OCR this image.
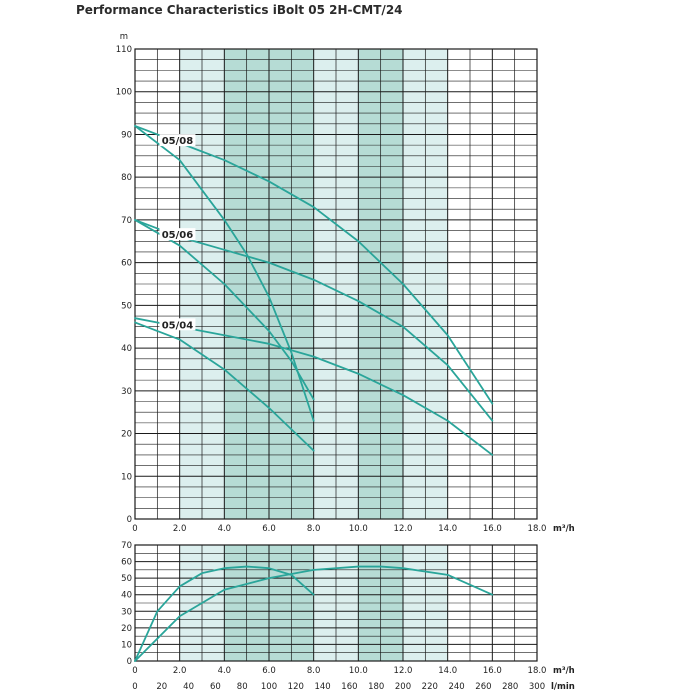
Performance Characteristics iBolt 05 2H-CMT/24
0
10
20
30
40
50
60
70
80
90
100
110
m
0	2.0	4.0	6.0	8.0	10.0	12.0	14.0	16.0	18.0 m³/h
05/08
05/06
05/04
0
10
20
30
40
50
60
70
0	2.0	4.0	6.0	8.0	10.0	12.0	14.0	16.0	18.0 m³/h
0 20 40 60 80 100 120 140 160 180 200 220 240 260 280 300 l/min
